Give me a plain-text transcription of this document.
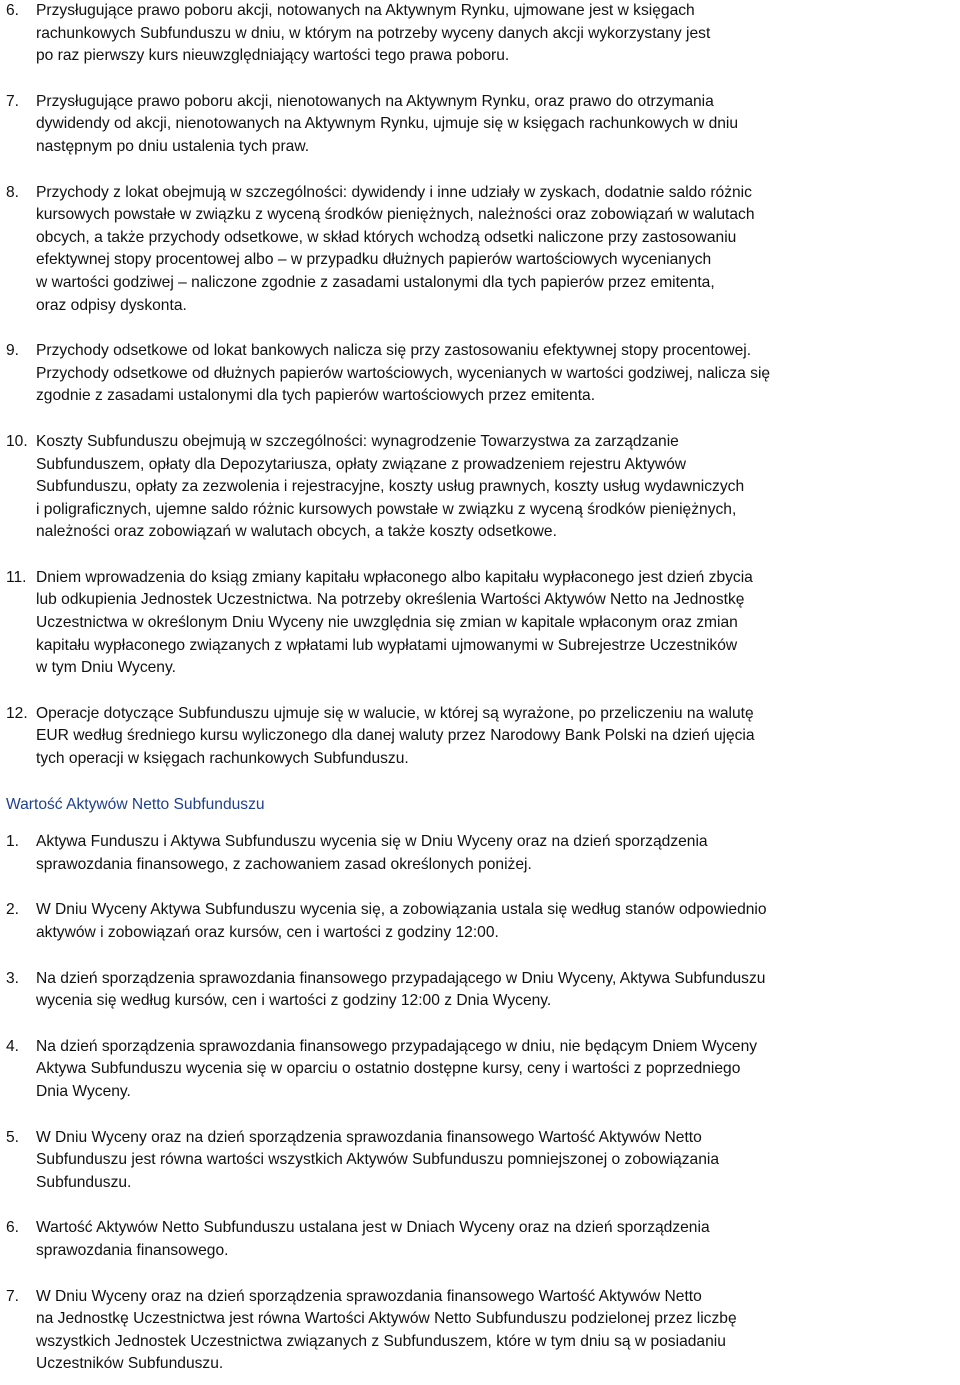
6.	Przysługujące prawo poboru akcji, notowanych na Aktywnym Rynku, ujmowane jest w księgach
rachunkowych Subfunduszu w dniu, w którym na potrzeby wyceny danych akcji wykorzystany jest
po raz pierwszy kurs nieuwzględniający wartości tego prawa poboru.
7.	Przysługujące prawo poboru akcji, nienotowanych na Aktywnym Rynku, oraz prawo do otrzymania
dywidendy od akcji, nienotowanych na Aktywnym Rynku, ujmuje się w księgach rachunkowych w dniu
następnym po dniu ustalenia tych praw.
8.	Przychody z lokat obejmują w szczególności: dywidendy i inne udziały w zyskach, dodatnie saldo różnic
kursowych powstałe w związku z wyceną środków pieniężnych, należności oraz zobowiązań w walutach
obcych, a także przychody odsetkowe, w skład których wchodzą odsetki naliczone przy zastosowaniu
efektywnej stopy procentowej albo – w przypadku dłużnych papierów wartościowych wycenianych
w wartości godziwej – naliczone zgodnie z zasadami ustalonymi dla tych papierów przez emitenta,
oraz odpisy dyskonta.
9.	Przychody odsetkowe od lokat bankowych nalicza się przy zastosowaniu efektywnej stopy procentowej.
Przychody odsetkowe od dłużnych papierów wartościowych, wycenianych w wartości godziwej, nalicza się
zgodnie z zasadami ustalonymi dla tych papierów wartościowych przez emitenta.
10. Koszty Subfunduszu obejmują w szczególności: wynagrodzenie Towarzystwa za zarządzanie
Subfunduszem, opłaty dla Depozytariusza, opłaty związane z prowadzeniem rejestru Aktywów
Subfunduszu, opłaty za zezwolenia i rejestracyjne, koszty usług prawnych, koszty usług wydawniczych
i poligraficznych, ujemne saldo różnic kursowych powstałe w związku z wyceną środków pieniężnych,
należności oraz zobowiązań w walutach obcych, a także koszty odsetkowe.
11. Dniem wprowadzenia do ksiąg zmiany kapitału wpłaconego albo kapitału wypłaconego jest dzień zbycia
lub odkupienia Jednostek Uczestnictwa. Na potrzeby określenia Wartości Aktywów Netto na Jednostkę
Uczestnictwa w określonym Dniu Wyceny nie uwzględnia się zmian w kapitale wpłaconym oraz zmian
kapitału wypłaconego związanych z wpłatami lub wypłatami ujmowanymi w Subrejestrze Uczestników
w tym Dniu Wyceny.
12. Operacje dotyczące Subfunduszu ujmuje się w walucie, w której są wyrażone, po przeliczeniu na walutę
EUR według średniego kursu wyliczonego dla danej waluty przez Narodowy Bank Polski na dzień ujęcia
tych operacji w księgach rachunkowych Subfunduszu.
Wartość Aktywów Netto Subfunduszu
1.	Aktywa Funduszu i Aktywa Subfunduszu wycenia się w Dniu Wyceny oraz na dzień sporządzenia
sprawozdania finansowego, z zachowaniem zasad określonych poniżej.
2.	W Dniu Wyceny Aktywa Subfunduszu wycenia się, a zobowiązania ustala się według stanów odpowiednio
aktywów i zobowiązań oraz kursów, cen i wartości z godziny 12:00.
3.	Na dzień sporządzenia sprawozdania finansowego przypadającego w Dniu Wyceny, Aktywa Subfunduszu
wycenia się według kursów, cen i wartości z godziny 12:00 z Dnia Wyceny.
4.	Na dzień sporządzenia sprawozdania finansowego przypadającego w dniu, nie będącym Dniem Wyceny
Aktywa Subfunduszu wycenia się w oparciu o ostatnio dostępne kursy, ceny i wartości z poprzedniego
Dnia Wyceny.
5.	W Dniu Wyceny oraz na dzień sporządzenia sprawozdania finansowego Wartość Aktywów Netto
Subfunduszu jest równa wartości wszystkich Aktywów Subfunduszu pomniejszonej o zobowiązania
Subfunduszu.
6.	Wartość Aktywów Netto Subfunduszu ustalana jest w Dniach Wyceny oraz na dzień sporządzenia
sprawozdania finansowego.
7.	W Dniu Wyceny oraz na dzień sporządzenia sprawozdania finansowego Wartość Aktywów Netto
na Jednostkę Uczestnictwa jest równa Wartości Aktywów Netto Subfunduszu podzielonej przez liczbę
wszystkich Jednostek Uczestnictwa związanych z Subfunduszem, które w tym dniu są w posiadaniu
Uczestników Subfunduszu.
